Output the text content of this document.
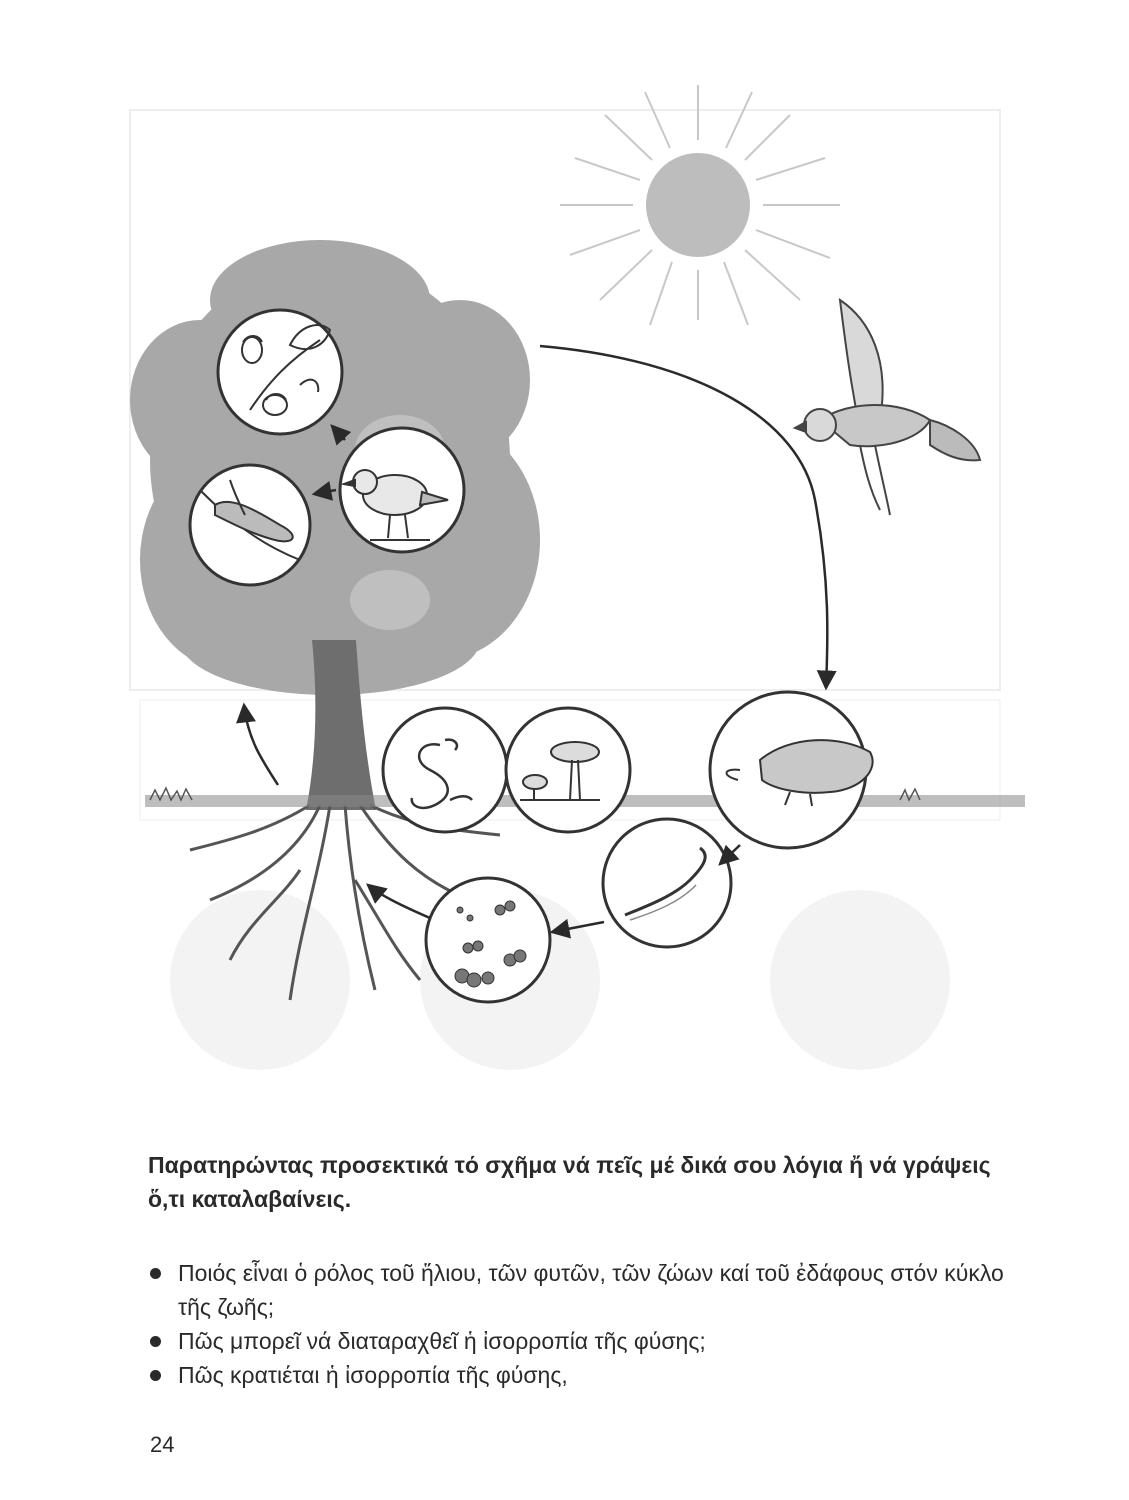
Παρατηρώντας προσεκτικά τό σχῆμα νά πεῖς μέ δικά σου λόγια ἤ νά γράψεις ὅ,τι καταλαβαίνεις.

Ποιός εἶναι ὁ ρόλος τοῦ ἥλιου, τῶν φυτῶν, τῶν ζώων καί τοῦ ἐδάφους στόν κύκλο τῆς ζωῆς;
Πῶς μπορεῖ νά διαταραχθεῖ ἡ ἰσορροπία τῆς φύσης;
Πῶς κρατιέται ἡ ἰσορροπία τῆς φύσης,
24
